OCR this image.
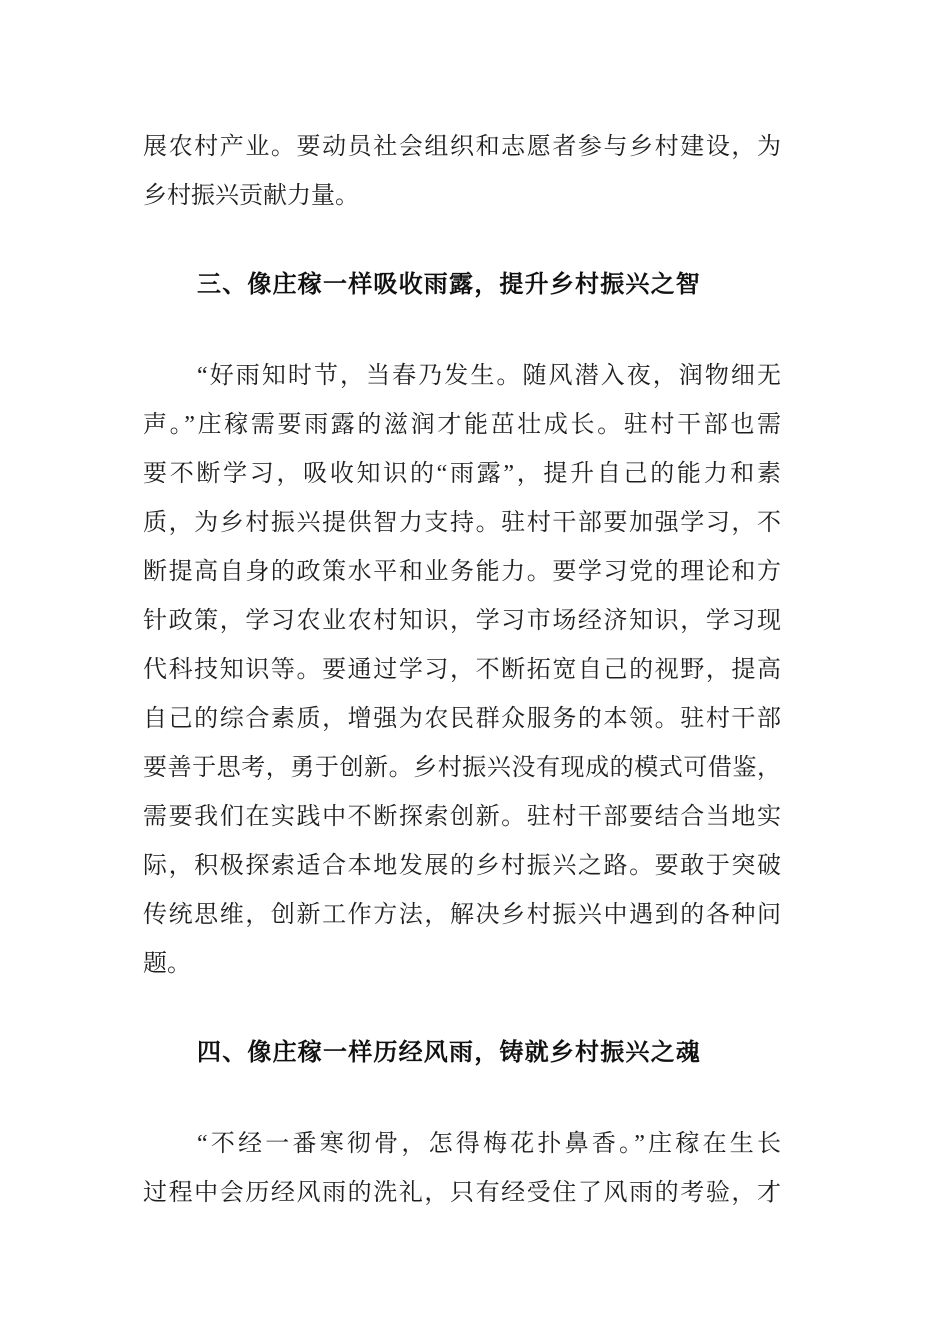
展农村产业。要动员社会组织和志愿者参与乡村建设，为
乡村振兴贡献力量。
三、像庄稼一样吸收雨露，提升乡村振兴之智
“好雨知时节，当春乃发生。随风潜入夜，润物细无
声。”庄稼需要雨露的滋润才能茁壮成长。驻村干部也需
要不断学习，吸收知识的“雨露”，提升自己的能力和素
质，为乡村振兴提供智力支持。驻村干部要加强学习，不
断提高自身的政策水平和业务能力。要学习党的理论和方
针政策，学习农业农村知识，学习市场经济知识，学习现
代科技知识等。要通过学习，不断拓宽自己的视野，提高
自己的综合素质，增强为农民群众服务的本领。驻村干部
要善于思考，勇于创新。乡村振兴没有现成的模式可借鉴，
需要我们在实践中不断探索创新。驻村干部要结合当地实
际，积极探索适合本地发展的乡村振兴之路。要敢于突破
传统思维，创新工作方法，解决乡村振兴中遇到的各种问
题。
四、像庄稼一样历经风雨，铸就乡村振兴之魂
“不经一番寒彻骨，怎得梅花扑鼻香。”庄稼在生长
过程中会历经风雨的洗礼，只有经受住了风雨的考验，才
